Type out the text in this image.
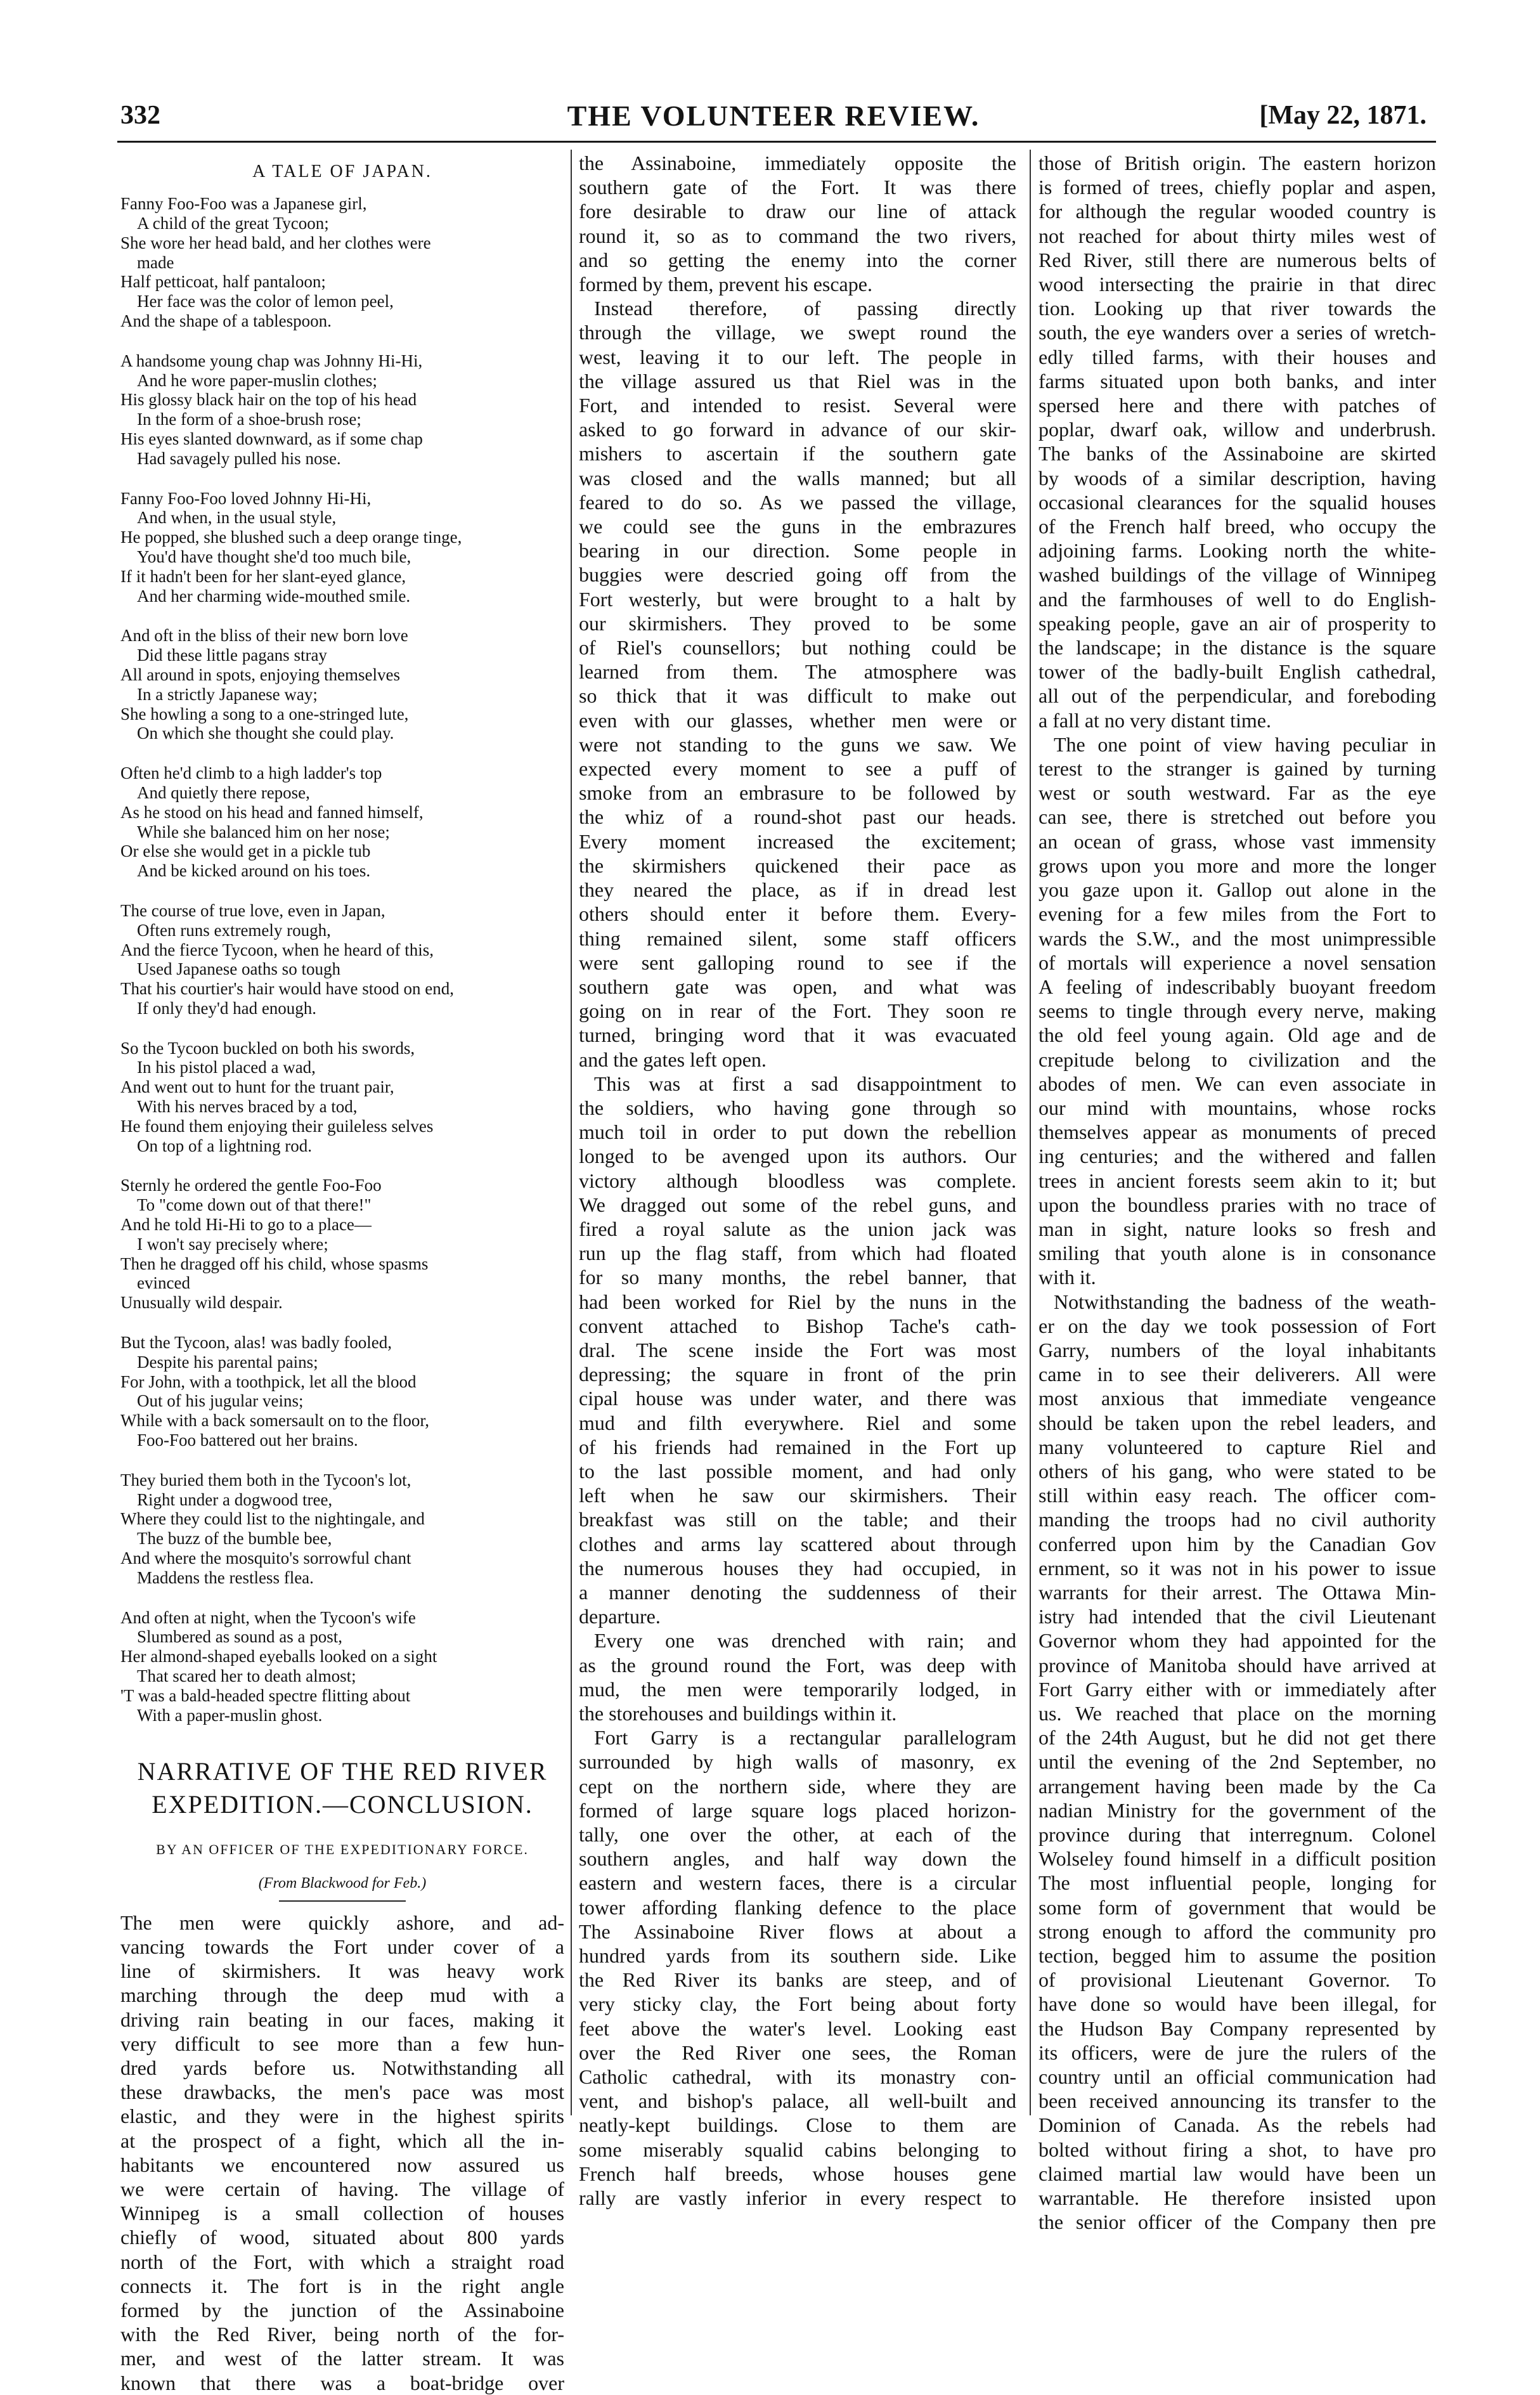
332	THE VOLUNTEER REVIEW.	[May 22, 1871.
A TALE OF JAPAN.
Fanny Foo-Foo was a Japanese girl,
A child of the great Tycoon;
She wore her head bald, and her clothes were
made
Half petticoat, half pantaloon;
Her face was the color of lemon peel,
And the shape of a tablespoon.
A handsome young chap was Johnny Hi-Hi,
And he wore paper-muslin clothes;
His glossy black hair on the top of his head
In the form of a shoe-brush rose;
His eyes slanted downward, as if some chap
Had savagely pulled his nose.
Fanny Foo-Foo loved Johnny Hi-Hi,
And when, in the usual style,
He popped, she blushed such a deep orange tinge,
You'd have thought she'd too much bile,
If it hadn't been for her slant-eyed glance,
And her charming wide-mouthed smile.
And oft in the bliss of their new born love
Did these little pagans stray
All around in spots, enjoying themselves
In a strictly Japanese way;
She howling a song to a one-stringed lute,
On which she thought she could play.
Often he'd climb to a high ladder's top
And quietly there repose,
As he stood on his head and fanned himself,
While she balanced him on her nose;
Or else she would get in a pickle tub
And be kicked around on his toes.
The course of true love, even in Japan,
Often runs extremely rough,
And the fierce Tycoon, when he heard of this,
Used Japanese oaths so tough
That his courtier's hair would have stood on end,
If only they'd had enough.
So the Tycoon buckled on both his swords,
In his pistol placed a wad,
And went out to hunt for the truant pair,
With his nerves braced by a tod,
He found them enjoying their guileless selves
On top of a lightning rod.
Sternly he ordered the gentle Foo-Foo
To "come down out of that there!"
And he told Hi-Hi to go to a place—
I won't say precisely where;
Then he dragged off his child, whose spasms
evinced
Unusually wild despair.
But the Tycoon, alas! was badly fooled,
Despite his parental pains;
For John, with a toothpick, let all the blood
Out of his jugular veins;
While with a back somersault on to the floor,
Foo-Foo battered out her brains.
They buried them both in the Tycoon's lot,
Right under a dogwood tree,
Where they could list to the nightingale, and
The buzz of the bumble bee,
And where the mosquito's sorrowful chant
Maddens the restless flea.
And often at night, when the Tycoon's wife
Slumbered as sound as a post,
Her almond-shaped eyeballs looked on a sight
That scared her to death almost;
'T was a bald-headed spectre flitting about
With a paper-muslin ghost.
NARRATIVE OF THE RED RIVER
EXPEDITION.—CONCLUSION.
BY AN OFFICER OF THE EXPEDITIONARY FORCE.
(From Blackwood for Feb.)
The men were quickly ashore, and ad-
vancing towards the Fort under cover of a
line of skirmishers. It was heavy work
marching through the deep mud with a
driving rain beating in our faces, making it
very difficult to see more than a few hun-
dred yards before us. Notwithstanding all
these drawbacks, the men's pace was most
elastic, and they were in the highest spirits
at the prospect of a fight, which all the in-
habitants we encountered now assured us
we were certain of having. The village of
Winnipeg is a small collection of houses
chiefly of wood, situated about 800 yards
north of the Fort, with which a straight road
connects it. The fort is in the right angle
formed by the junction of the Assinaboine
with the Red River, being north of the for-
mer, and west of the latter stream. It was
known that there was a boat-bridge over
the Assinaboine, immediately opposite the
southern gate of the Fort. It was there
fore desirable to draw our line of attack
round it, so as to command the two rivers,
and so getting the enemy into the corner
formed by them, prevent his escape.
Instead therefore, of passing directly
through the village, we swept round the
west, leaving it to our left. The people in
the village assured us that Riel was in the
Fort, and intended to resist. Several were
asked to go forward in advance of our skir-
mishers to ascertain if the southern gate
was closed and the walls manned; but all
feared to do so. As we passed the village,
we could see the guns in the embrazures
bearing in our direction. Some people in
buggies were descried going off from the
Fort westerly, but were brought to a halt by
our skirmishers. They proved to be some
of Riel's counsellors; but nothing could be
learned from them. The atmosphere was
so thick that it was difficult to make out
even with our glasses, whether men were or
were not standing to the guns we saw. We
expected every moment to see a puff of
smoke from an embrasure to be followed by
the whiz of a round-shot past our heads.
Every moment increased the excitement;
the skirmishers quickened their pace as
they neared the place, as if in dread lest
others should enter it before them. Every-
thing remained silent, some staff officers
were sent galloping round to see if the
southern gate was open, and what was
going on in rear of the Fort. They soon re
turned, bringing word that it was evacuated
and the gates left open.
This was at first a sad disappointment to
the soldiers, who having gone through so
much toil in order to put down the rebellion
longed to be avenged upon its authors. Our
victory although bloodless was complete.
We dragged out some of the rebel guns, and
fired a royal salute as the union jack was
run up the flag staff, from which had floated
for so many months, the rebel banner, that
had been worked for Riel by the nuns in the
convent attached to Bishop Tache's cath-
dral. The scene inside the Fort was most
depressing; the square in front of the prin
cipal house was under water, and there was
mud and filth everywhere. Riel and some
of his friends had remained in the Fort up
to the last possible moment, and had only
left when he saw our skirmishers. Their
breakfast was still on the table; and their
clothes and arms lay scattered about through
the numerous houses they had occupied, in
a manner denoting the suddenness of their
departure.
Every one was drenched with rain; and
as the ground round the Fort, was deep with
mud, the men were temporarily lodged, in
the storehouses and buildings within it.
Fort Garry is a rectangular parallelogram
surrounded by high walls of masonry, ex
cept on the northern side, where they are
formed of large square logs placed horizon-
tally, one over the other, at each of the
southern angles, and half way down the
eastern and western faces, there is a circular
tower affording flanking defence to the place
The Assinaboine River flows at about a
hundred yards from its southern side. Like
the Red River its banks are steep, and of
very sticky clay, the Fort being about forty
feet above the water's level. Looking east
over the Red River one sees, the Roman
Catholic cathedral, with its monastry con-
vent, and bishop's palace, all well-built and
neatly-kept buildings. Close to them are
some miserably squalid cabins belonging to
French half breeds, whose houses gene
rally are vastly inferior in every respect to
those of British origin. The eastern horizon
is formed of trees, chiefly poplar and aspen,
for although the regular wooded country is
not reached for about thirty miles west of
Red River, still there are numerous belts of
wood intersecting the prairie in that direc
tion. Looking up that river towards the
south, the eye wanders over a series of wretch-
edly tilled farms, with their houses and
farms situated upon both banks, and inter
spersed here and there with patches of
poplar, dwarf oak, willow and underbrush.
The banks of the Assinaboine are skirted
by woods of a similar description, having
occasional clearances for the squalid houses
of the French half breed, who occupy the
adjoining farms. Looking north the white-
washed buildings of the village of Winnipeg
and the farmhouses of well to do English-
speaking people, gave an air of prosperity to
the landscape; in the distance is the square
tower of the badly-built English cathedral,
all out of the perpendicular, and foreboding
a fall at no very distant time.
The one point of view having peculiar in
terest to the stranger is gained by turning
west or south westward. Far as the eye
can see, there is stretched out before you
an ocean of grass, whose vast immensity
grows upon you more and more the longer
you gaze upon it. Gallop out alone in the
evening for a few miles from the Fort to
wards the S.W., and the most unimpressible
of mortals will experience a novel sensation
A feeling of indescribably buoyant freedom
seems to tingle through every nerve, making
the old feel young again. Old age and de
crepitude belong to civilization and the
abodes of men. We can even associate in
our mind with mountains, whose rocks
themselves appear as monuments of preced
ing centuries; and the withered and fallen
trees in ancient forests seem akin to it; but
upon the boundless praries with no trace of
man in sight, nature looks so fresh and
smiling that youth alone is in consonance
with it.
Notwithstanding the badness of the weath-
er on the day we took possession of Fort
Garry, numbers of the loyal inhabitants
came in to see their deliverers. All were
most anxious that immediate vengeance
should be taken upon the rebel leaders, and
many volunteered to capture Riel and
others of his gang, who were stated to be
still within easy reach. The officer com-
manding the troops had no civil authority
conferred upon him by the Canadian Gov
ernment, so it was not in his power to issue
warrants for their arrest. The Ottawa Min-
istry had intended that the civil Lieutenant
Governor whom they had appointed for the
province of Manitoba should have arrived at
Fort Garry either with or immediately after
us. We reached that place on the morning
of the 24th August, but he did not get there
until the evening of the 2nd September, no
arrangement having been made by the Ca
nadian Ministry for the government of the
province during that interregnum. Colonel
Wolseley found himself in a difficult position
The most influential people, longing for
some form of government that would be
strong enough to afford the community pro
tection, begged him to assume the position
of provisional Lieutenant Governor. To
have done so would have been illegal, for
the Hudson Bay Company represented by
its officers, were de jure the rulers of the
country until an official communication had
been received announcing its transfer to the
Dominion of Canada. As the rebels had
bolted without firing a shot, to have pro
claimed martial law would have been un
warrantable. He therefore insisted upon
the senior officer of the Company then pre
